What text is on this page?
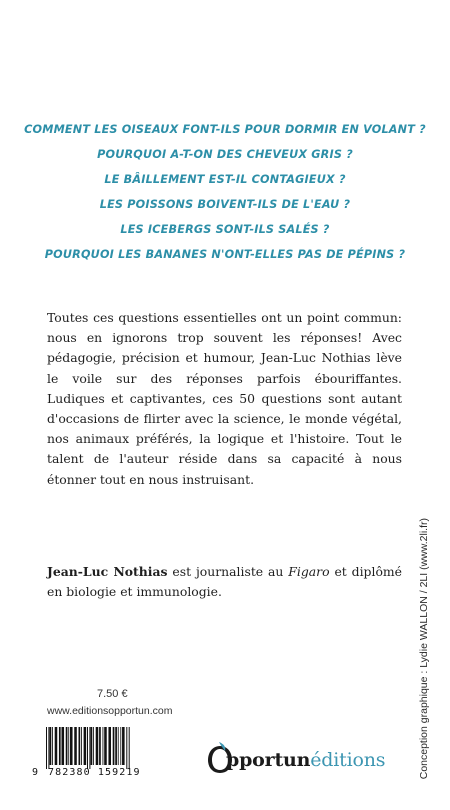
COMMENT LES OISEAUX FONT-ILS POUR DORMIR EN VOLANT ?

POURQUOI A-T-ON DES CHEVEUX GRIS ?

LE BÂILLEMENT EST-IL CONTAGIEUX ?

LES POISSONS BOIVENT-ILS DE L'EAU ?

LES ICEBERGS SONT-ILS SALÉS ?

POURQUOI LES BANANES N'ONT-ELLES PAS DE PÉPINS ?

Toutes ces questions essentielles ont un point commun: nous en ignorons trop souvent les réponses! Avec pédagogie, précision et humour, Jean-Luc Nothias lève le voile sur des réponses parfois ébouriffantes. Ludiques et captivantes, ces 50 questions sont autant d'occasions de flirter avec la science, le monde végétal, nos animaux préférés, la logique et l'histoire. Tout le talent de l'auteur réside dans sa capacité à nous étonner tout en nous instruisant.

Jean-Luc Nothias est journaliste au Figaro et diplômé en biologie et immunologie.	Conception graphique : Lydie WALLON / 2LI (www.2li.fr)
7.50 €
www.editionsopportun.com
9 782380 159219
pportunéditions
